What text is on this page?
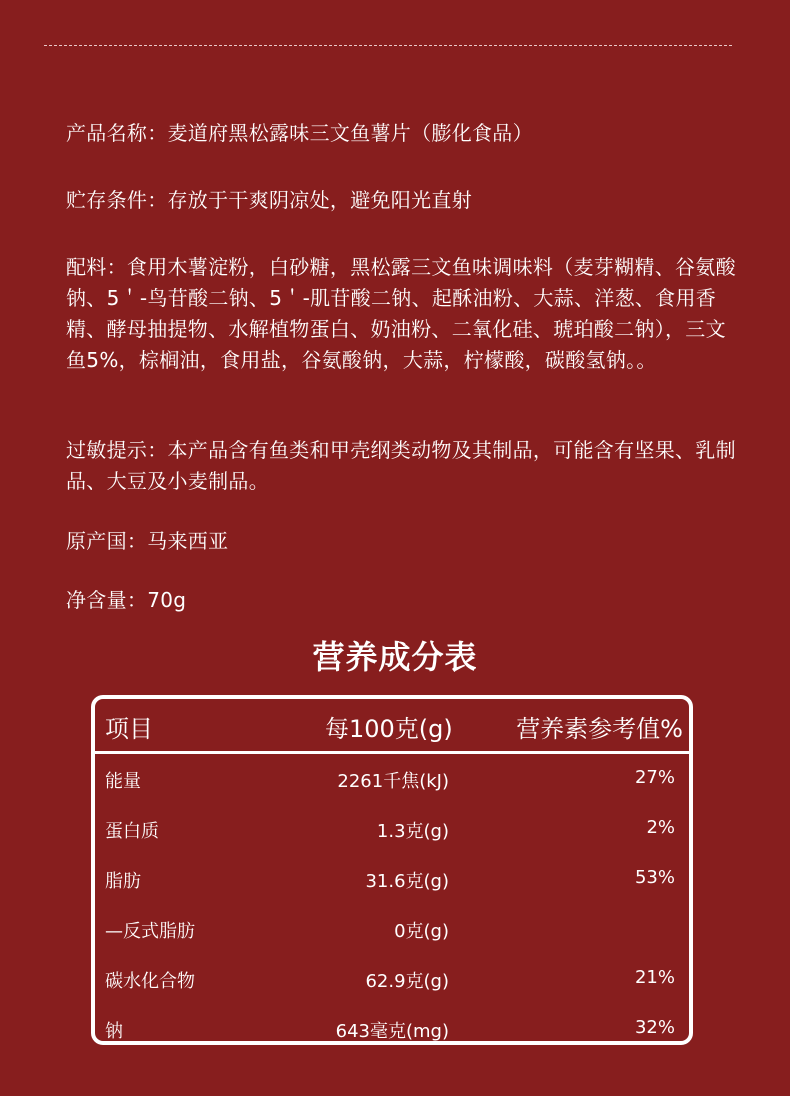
产品名称：麦道府黑松露味三文鱼薯片（膨化食品）

贮存条件：存放于干爽阴凉处，避免阳光直射

配料：食用木薯淀粉，白砂糖，黑松露三文鱼味调味料（麦芽糊精、谷氨酸钠、5＇-鸟苷酸二钠、5＇-肌苷酸二钠、起酥油粉、大蒜、洋葱、食用香精、酵母抽提物、水解植物蛋白、奶油粉、二氧化硅、琥珀酸二钠），三文鱼5%，棕榈油，食用盐，谷氨酸钠，大蒜，柠檬酸，碳酸氢钠。。

过敏提示：本产品含有鱼类和甲壳纲类动物及其制品，可能含有坚果、乳制品、大豆及小麦制品。

原产国：马来西亚

净含量：70g

营养成分表
项目	每100克(g)	营养素参考值%
能量	2261千焦(kJ)	27%
蛋白质	1.3克(g)	2%
脂肪	31.6克(g)	53%
—反式脂肪	0克(g)
碳水化合物	62.9克(g)	21%
钠	643毫克(mg)	32%
